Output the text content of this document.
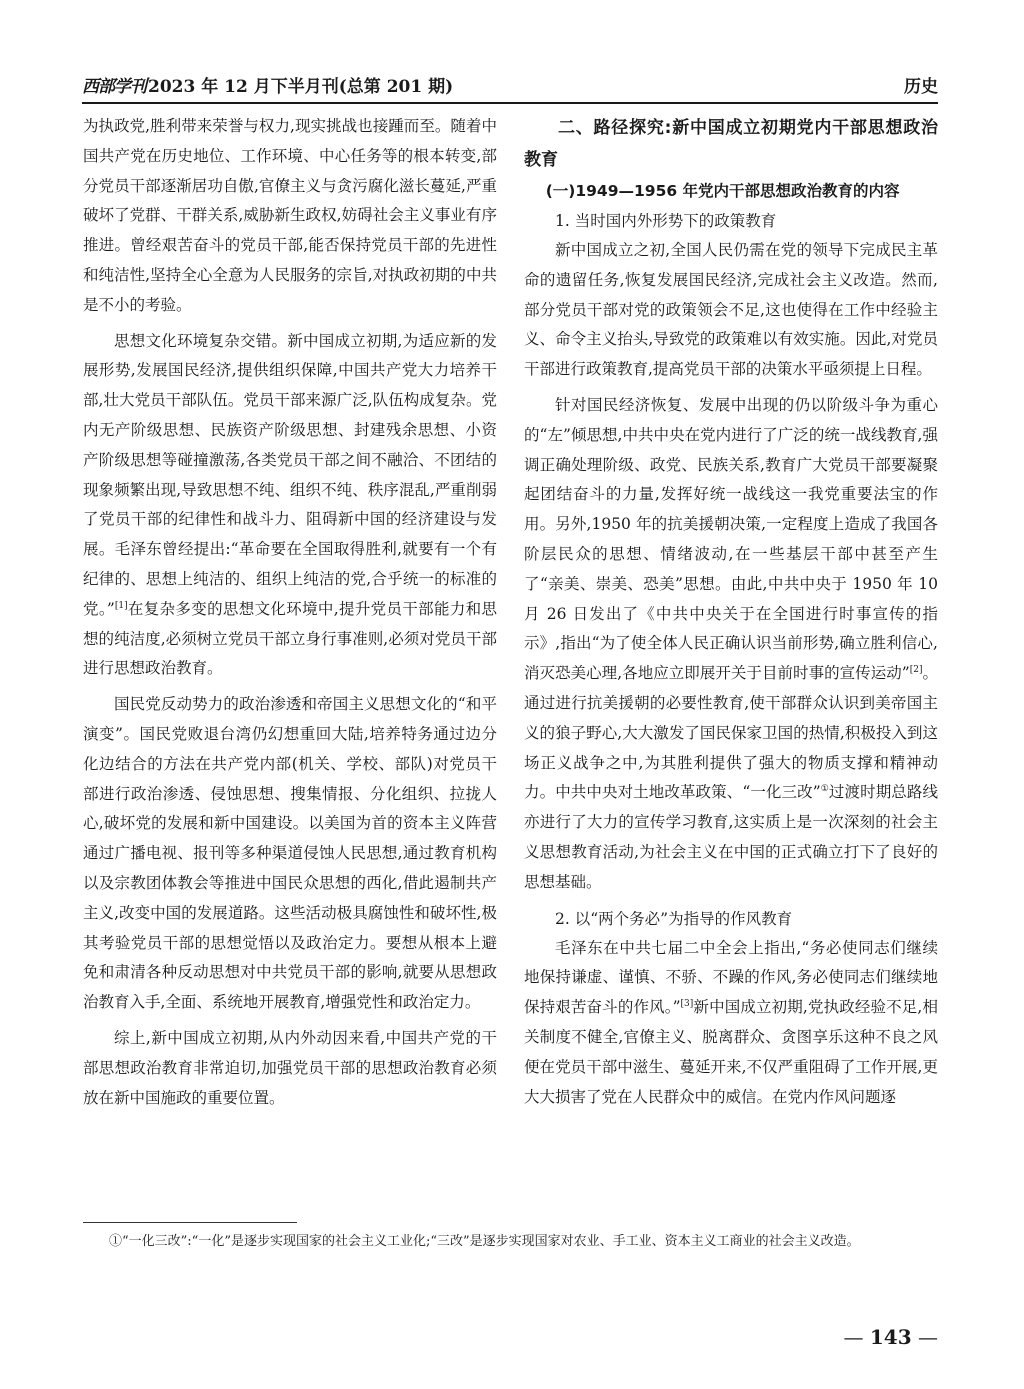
西部学刊 2023 年 12 月下半月刊(总第 201 期)	历史

为执政党,胜利带来荣誉与权力,现实挑战也接踵而至。随着中国共产党在历史地位、工作环境、中心任务等的根本转变,部分党员干部逐渐居功自傲,官僚主义与贪污腐化滋长蔓延,严重破坏了党群、干群关系,威胁新生政权,妨碍社会主义事业有序推进。曾经艰苦奋斗的党员干部,能否保持党员干部的先进性和纯洁性,坚持全心全意为人民服务的宗旨,对执政初期的中共是不小的考验。

思想文化环境复杂交错。新中国成立初期,为适应新的发展形势,发展国民经济,提供组织保障,中国共产党大力培养干部,壮大党员干部队伍。党员干部来源广泛,队伍构成复杂。党内无产阶级思想、民族资产阶级思想、封建残余思想、小资产阶级思想等碰撞激荡,各类党员干部之间不融洽、不团结的现象频繁出现,导致思想不纯、组织不纯、秩序混乱,严重削弱了党员干部的纪律性和战斗力、阻碍新中国的经济建设与发展。毛泽东曾经提出:“革命要在全国取得胜利,就要有一个有纪律的、思想上纯洁的、组织上纯洁的党,合乎统一的标准的党。”[1]在复杂多变的思想文化环境中,提升党员干部能力和思想的纯洁度,必须树立党员干部立身行事准则,必须对党员干部进行思想政治教育。

国民党反动势力的政治渗透和帝国主义思想文化的“和平演变”。国民党败退台湾仍幻想重回大陆,培养特务通过边分化边结合的方法在共产党内部(机关、学校、部队)对党员干部进行政治渗透、侵蚀思想、搜集情报、分化组织、拉拢人心,破坏党的发展和新中国建设。以美国为首的资本主义阵营通过广播电视、报刊等多种渠道侵蚀人民思想,通过教育机构以及宗教团体教会等推进中国民众思想的西化,借此遏制共产主义,改变中国的发展道路。这些活动极具腐蚀性和破坏性,极其考验党员干部的思想觉悟以及政治定力。要想从根本上避免和肃清各种反动思想对中共党员干部的影响,就要从思想政治教育入手,全面、系统地开展教育,增强党性和政治定力。

综上,新中国成立初期,从内外动因来看,中国共产党的干部思想政治教育非常迫切,加强党员干部的思想政治教育必须放在新中国施政的重要位置。

二、路径探究:新中国成立初期党内干部思想政治教育
(一)1949—1956 年党内干部思想政治教育的内容
1. 当时国内外形势下的政策教育

新中国成立之初,全国人民仍需在党的领导下完成民主革命的遗留任务,恢复发展国民经济,完成社会主义改造。然而,部分党员干部对党的政策领会不足,这也使得在工作中经验主义、命令主义抬头,导致党的政策难以有效实施。因此,对党员干部进行政策教育,提高党员干部的决策水平亟须提上日程。

针对国民经济恢复、发展中出现的仍以阶级斗争为重心的“左”倾思想,中共中央在党内进行了广泛的统一战线教育,强调正确处理阶级、政党、民族关系,教育广大党员干部要凝聚起团结奋斗的力量,发挥好统一战线这一我党重要法宝的作用。另外,1950 年的抗美援朝决策,一定程度上造成了我国各阶层民众的思想、情绪波动,在一些基层干部中甚至产生了“亲美、崇美、恐美”思想。由此,中共中央于 1950 年 10 月 26 日发出了《中共中央关于在全国进行时事宣传的指示》,指出“为了使全体人民正确认识当前形势,确立胜利信心,消灭恐美心理,各地应立即展开关于目前时事的宣传运动”[2]。通过进行抗美援朝的必要性教育,使干部群众认识到美帝国主义的狼子野心,大大激发了国民保家卫国的热情,积极投入到这场正义战争之中,为其胜利提供了强大的物质支撑和精神动力。中共中央对土地改革政策、“一化三改”①过渡时期总路线亦进行了大力的宣传学习教育,这实质上是一次深刻的社会主义思想教育活动,为社会主义在中国的正式确立打下了良好的思想基础。

2. 以“两个务必”为指导的作风教育

毛泽东在中共七届二中全会上指出,“务必使同志们继续地保持谦虚、谨慎、不骄、不躁的作风,务必使同志们继续地保持艰苦奋斗的作风。”[3]新中国成立初期,党执政经验不足,相关制度不健全,官僚主义、脱离群众、贪图享乐这种不良之风便在党员干部中滋生、蔓延开来,不仅严重阻碍了工作开展,更大大损害了党在人民群众中的威信。在党内作风问题逐

①“一化三改”:“一化”是逐步实现国家的社会主义工业化;“三改”是逐步实现国家对农业、手工业、资本主义工商业的社会主义改造。
— 143 —
